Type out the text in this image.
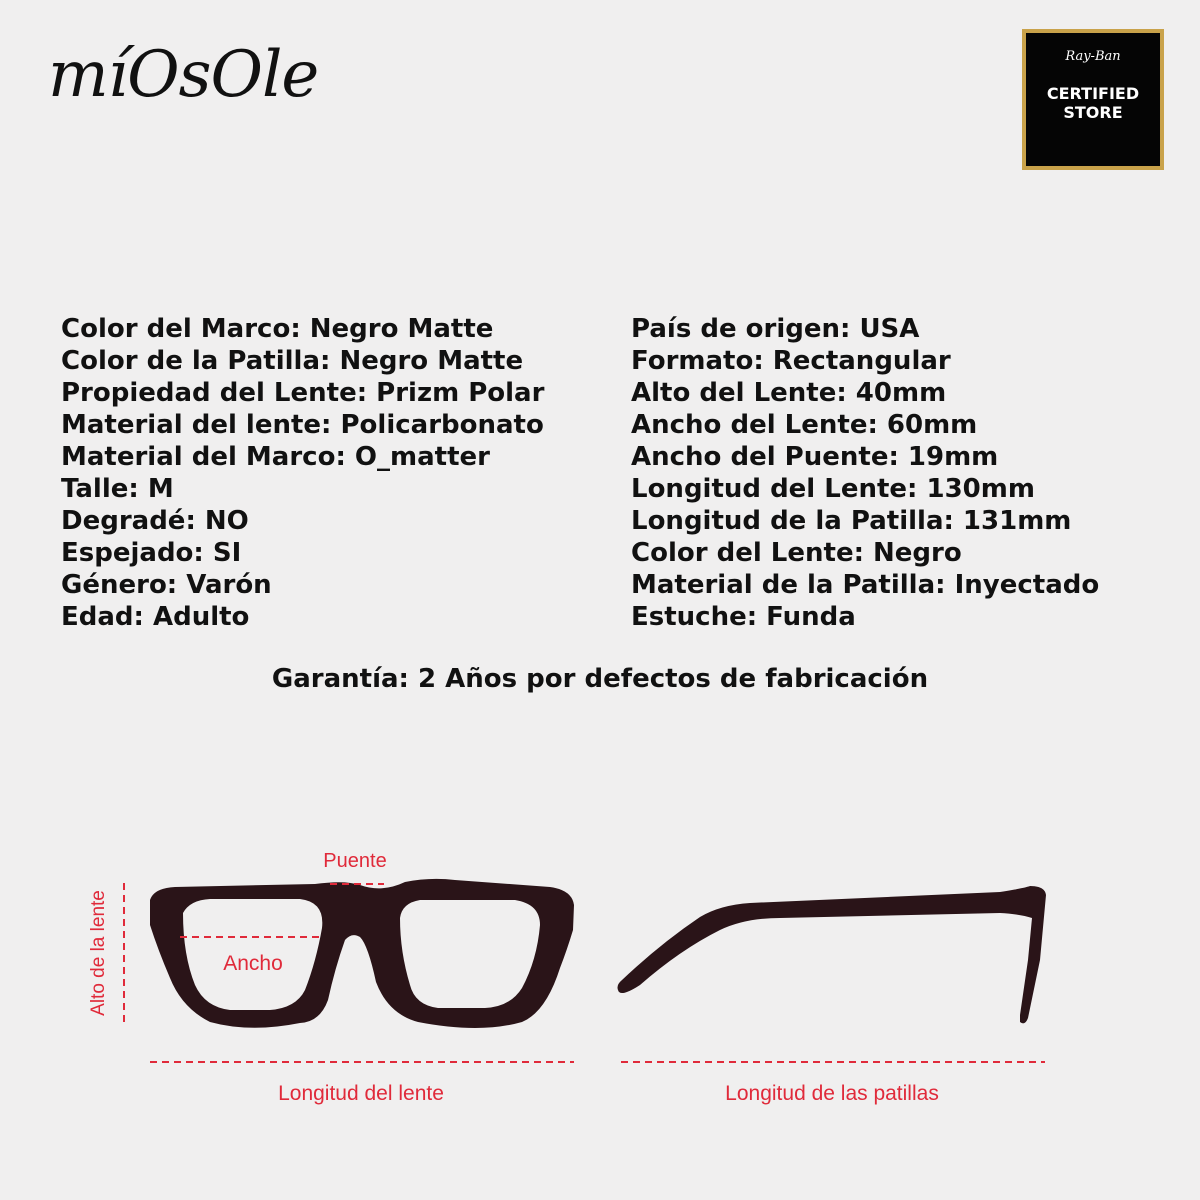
míOsOle	Ray-Ban
CERTIFIED
STORE
Color del Marco: Negro Matte
Color de la Patilla: Negro Matte
Propiedad del Lente: Prizm Polar
Material del lente: Policarbonato
Material del Marco: O_matter
Talle: M
Degradé: NO
Espejado: SI
Género: Varón
Edad: Adulto
País de origen: USA
Formato: Rectangular
Alto del Lente: 40mm
Ancho del Lente: 60mm
Ancho del Puente: 19mm
Longitud del Lente: 130mm
Longitud de la Patilla: 131mm
Color del Lente: Negro
Material de la Patilla: Inyectado
Estuche: Funda
Garantía: 2 Años por defectos de fabricación
Puente
Ancho
Alto de la lente
Longitud del lente	Longitud de las patillas
